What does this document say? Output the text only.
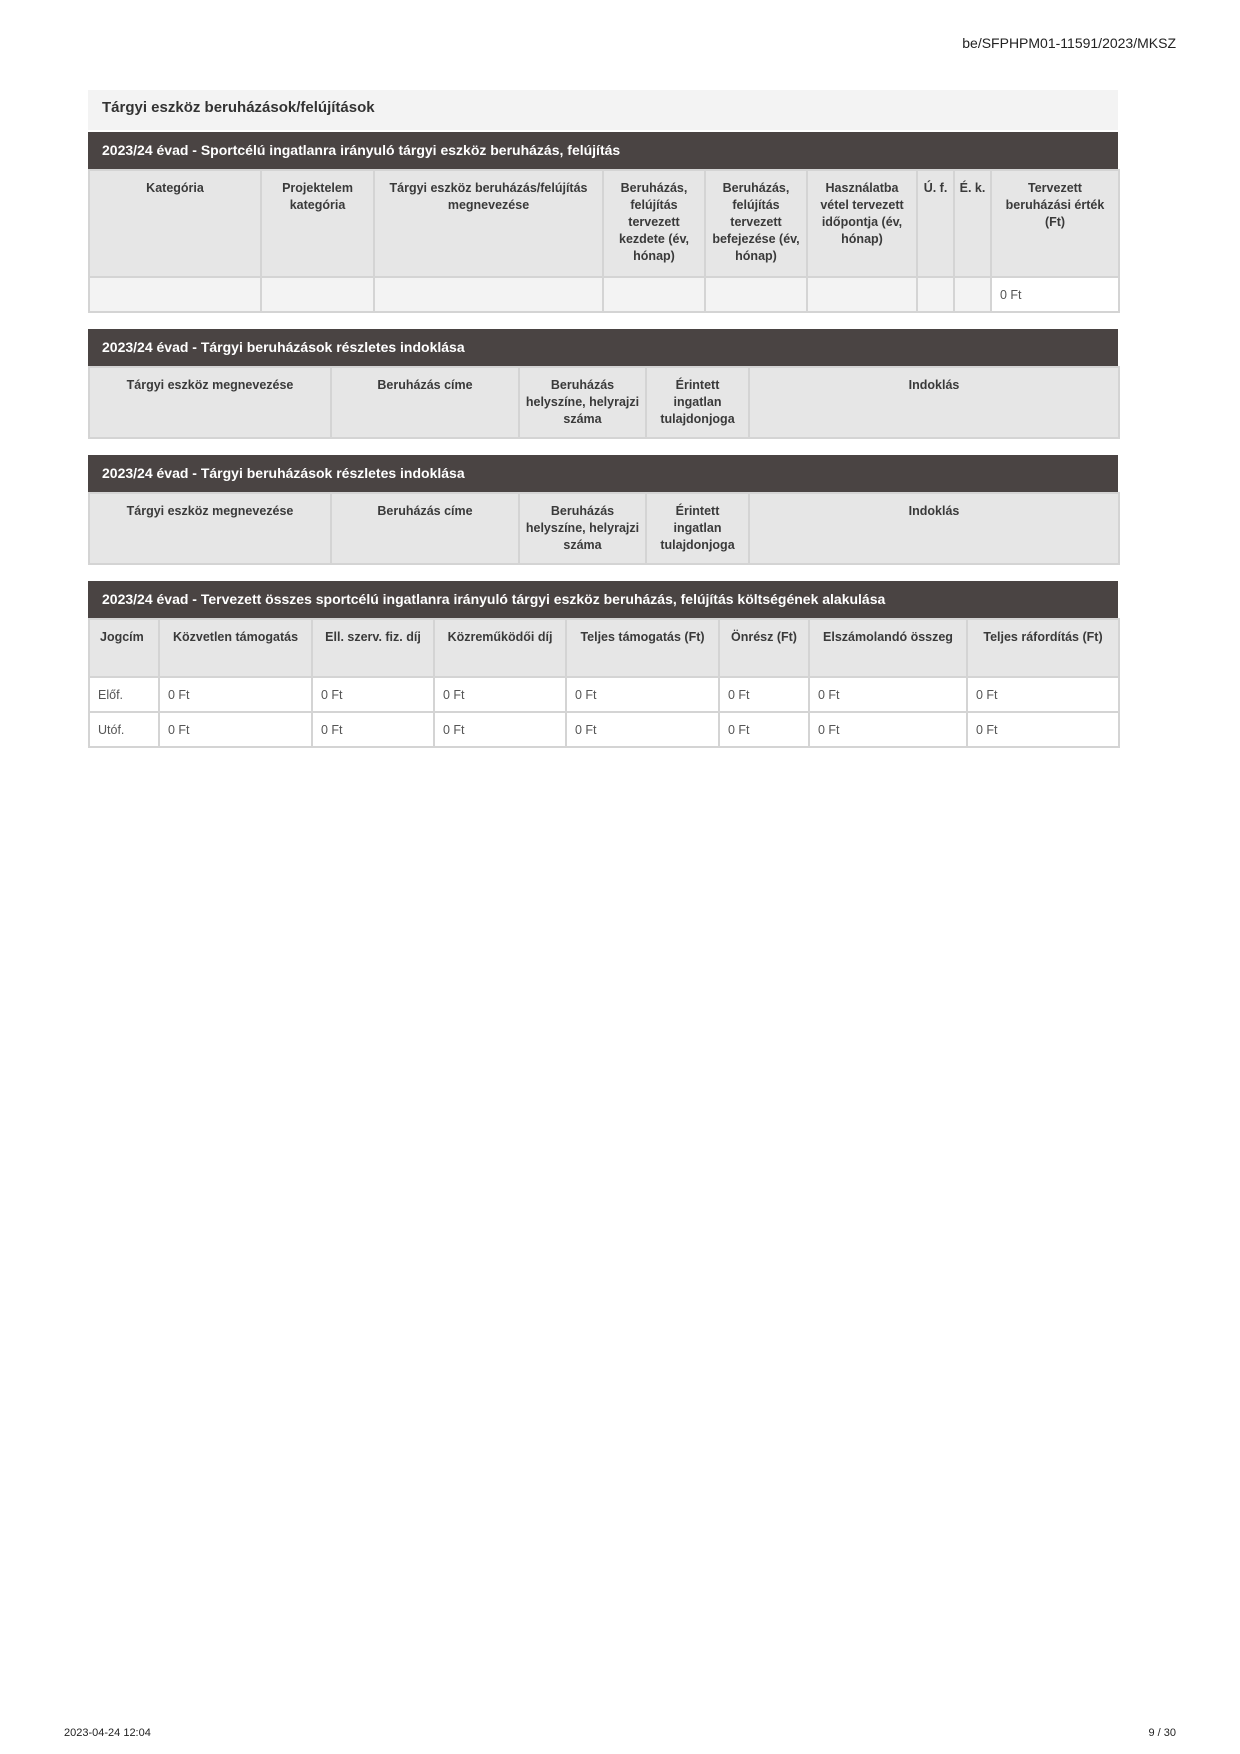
be/SFPHPM01-11591/2023/MKSZ
Tárgyi eszköz beruházások/felújítások
2023/24 évad - Sportcélú ingatlanra irányuló tárgyi eszköz beruházás, felújítás
Kategória	Projektelem kategória	Tárgyi eszköz beruházás/felújítás megnevezése	Beruházás, felújítás tervezett kezdete (év, hónap)	Beruházás, felújítás tervezett befejezése (év, hónap)	Használatba vétel tervezett időpontja (év, hónap)	Ú. f.	É. k.	Tervezett beruházási érték (Ft)
								0 Ft
2023/24 évad - Tárgyi beruházások részletes indoklása
Tárgyi eszköz megnevezése	Beruházás címe	Beruházás helyszíne, helyrajzi száma	Érintett ingatlan tulajdonjoga	Indoklás
2023/24 évad - Tárgyi beruházások részletes indoklása
Tárgyi eszköz megnevezése	Beruházás címe	Beruházás helyszíne, helyrajzi száma	Érintett ingatlan tulajdonjoga	Indoklás
2023/24 évad - Tervezett összes sportcélú ingatlanra irányuló tárgyi eszköz beruházás, felújítás költségének alakulása
Jogcím	Közvetlen támogatás	Ell. szerv. fiz. díj	Közreműködői díj	Teljes támogatás (Ft)	Önrész (Ft)	Elszámolandó összeg	Teljes ráfordítás (Ft)
Előf.	0 Ft	0 Ft	0 Ft	0 Ft	0 Ft	0 Ft	0 Ft
Utóf.	0 Ft	0 Ft	0 Ft	0 Ft	0 Ft	0 Ft	0 Ft
2023-04-24 12:04	9 / 30
